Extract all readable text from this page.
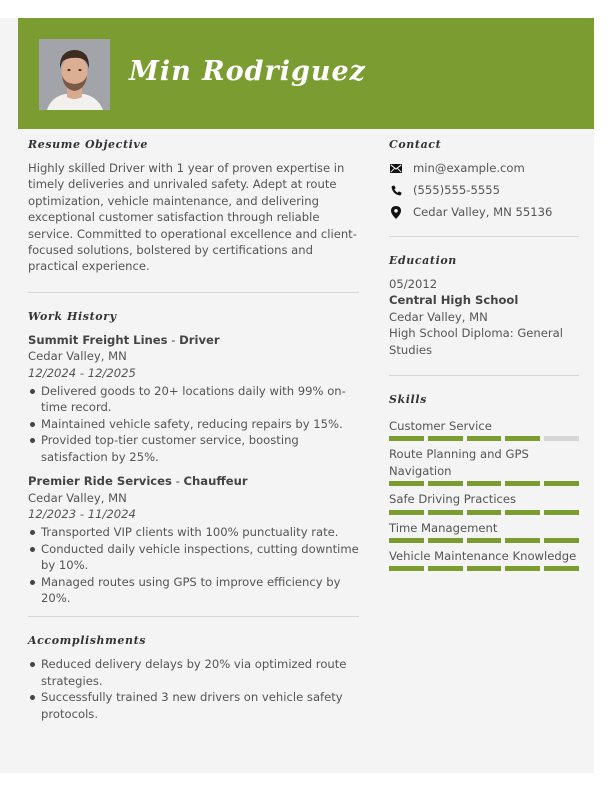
Min Rodriguez
Resume Objective

Highly skilled Driver with 1 year of proven expertise in timely deliveries and unrivaled safety. Adept at route optimization, vehicle maintenance, and delivering exceptional customer satisfaction through reliable service. Committed to operational excellence and client-focused solutions, bolstered by certifications and practical experience.

Work History
Summit Freight Lines - Driver
Cedar Valley, MN
12/2024 - 12/2025
Delivered goods to 20+ locations daily with 99% on-time record.
Maintained vehicle safety, reducing repairs by 15%.
Provided top-tier customer service, boosting satisfaction by 25%.
Premier Ride Services - Chauffeur
Cedar Valley, MN
12/2023 - 11/2024
Transported VIP clients with 100% punctuality rate.
Conducted daily vehicle inspections, cutting downtime by 10%.
Managed routes using GPS to improve efficiency by 20%.
Accomplishments
Reduced delivery delays by 20% via optimized route strategies.
Successfully trained 3 new drivers on vehicle safety protocols.
Contact
min@example.com
(555)555-5555
Cedar Valley, MN 55136
Education
05/2012
Central High School
Cedar Valley, MN
High School Diploma: General Studies
Skills
Customer Service
Route Planning and GPS Navigation
Safe Driving Practices
Time Management
Vehicle Maintenance Knowledge
